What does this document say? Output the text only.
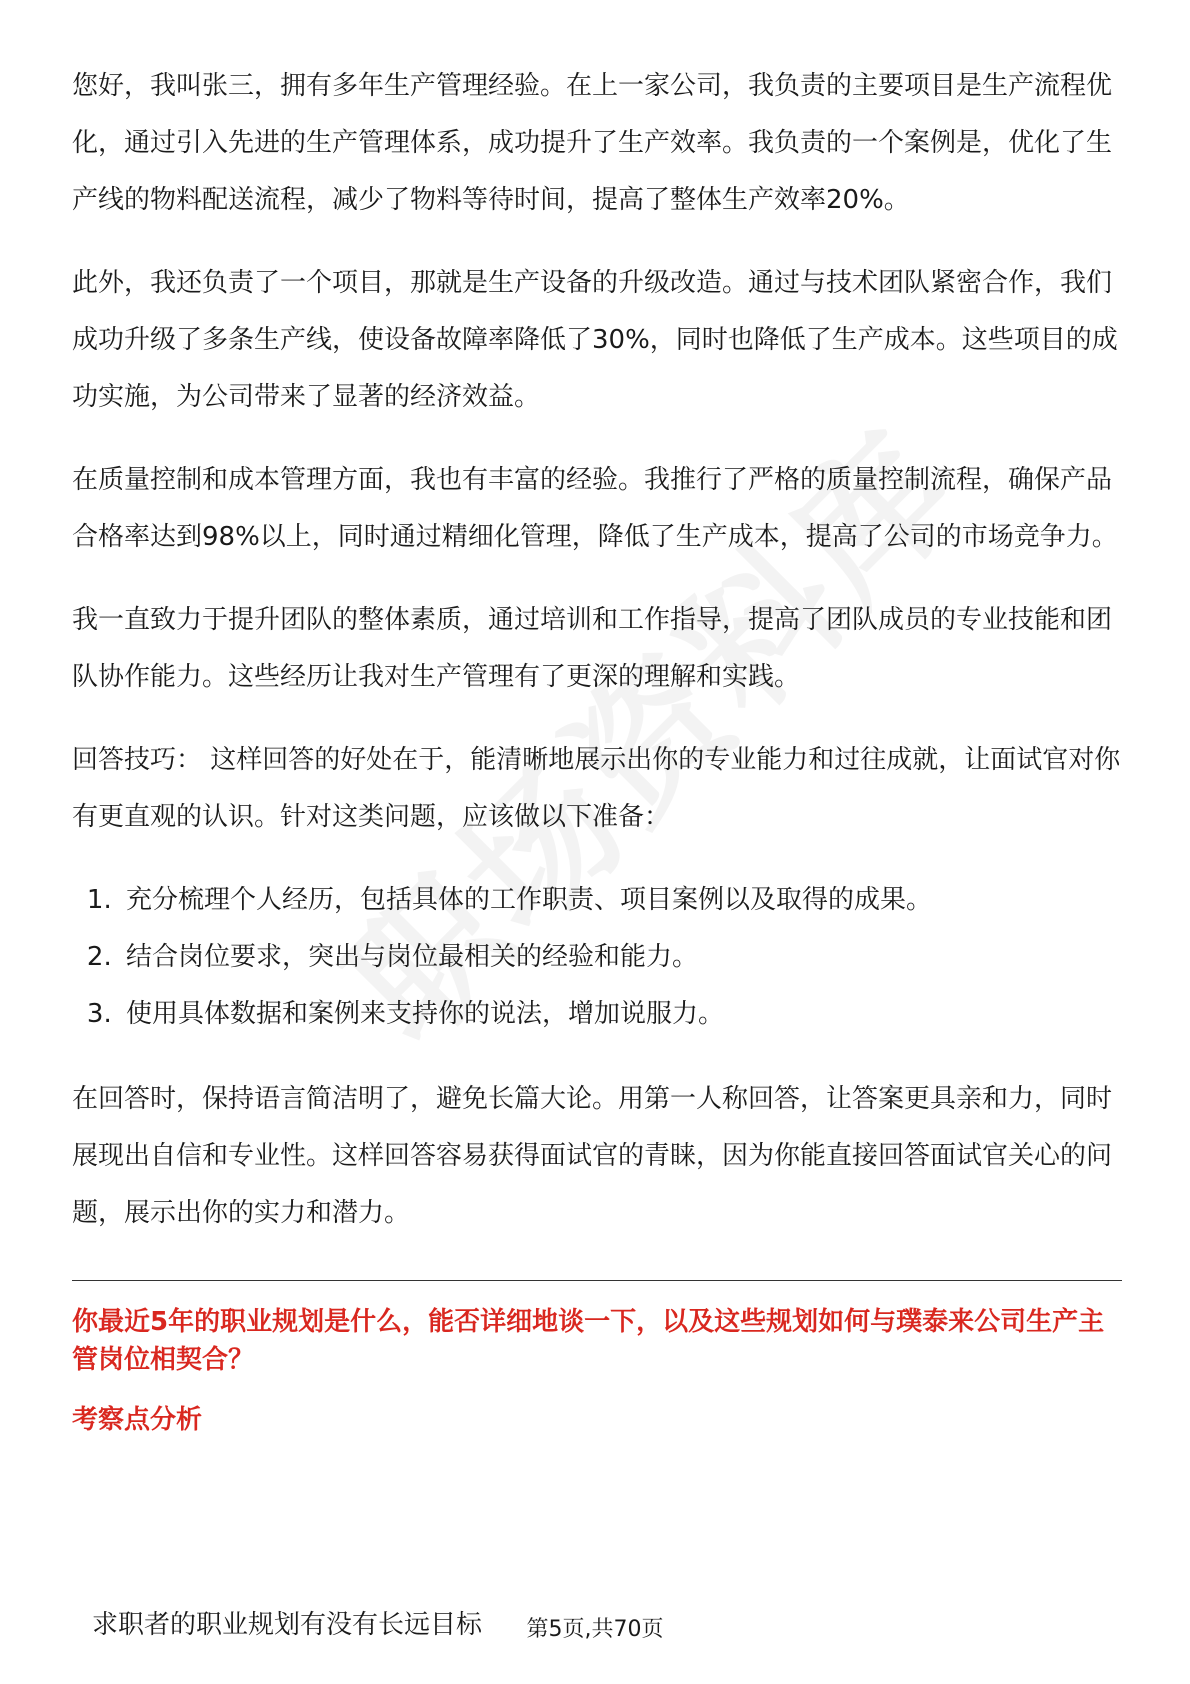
您好，我叫张三，拥有多年生产管理经验。在上一家公司，我负责的主要项目是生产流程优化，通过引入先进的生产管理体系，成功提升了生产效率。我负责的一个案例是，优化了生产线的物料配送流程，减少了物料等待时间，提高了整体生产效率20%。

此外，我还负责了一个项目，那就是生产设备的升级改造。通过与技术团队紧密合作，我们成功升级了多条生产线，使设备故障率降低了30%，同时也降低了生产成本。这些项目的成功实施，为公司带来了显著的经济效益。

在质量控制和成本管理方面，我也有丰富的经验。我推行了严格的质量控制流程，确保产品合格率达到98%以上，同时通过精细化管理，降低了生产成本，提高了公司的市场竞争力。

我一直致力于提升团队的整体素质，通过培训和工作指导，提高了团队成员的专业技能和团队协作能力。这些经历让我对生产管理有了更深的理解和实践。

回答技巧： 这样回答的好处在于，能清晰地展示出你的专业能力和过往成就，让面试官对你有更直观的认识。针对这类问题，应该做以下准备：

1. 充分梳理个人经历，包括具体的工作职责、项目案例以及取得的成果。
2. 结合岗位要求，突出与岗位最相关的经验和能力。
3. 使用具体数据和案例来支持你的说法，增加说服力。

在回答时，保持语言简洁明了，避免长篇大论。用第一人称回答，让答案更具亲和力，同时展现出自信和专业性。这样回答容易获得面试官的青睐，因为你能直接回答面试官关心的问题，展示出你的实力和潜力。

你最近5年的职业规划是什么，能否详细地谈一下，以及这些规划如何与璞泰来公司生产主管岗位相契合？

考察点分析

求职者的职业规划有没有长远目标	第5页,共70页
